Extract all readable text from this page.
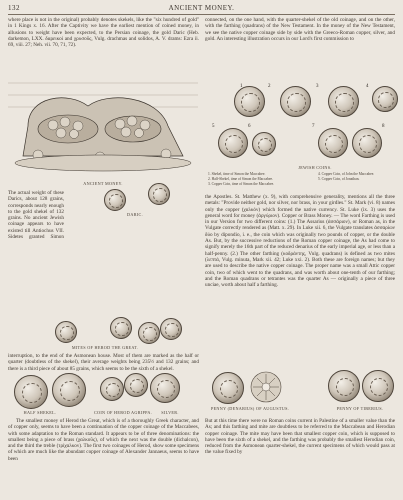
132	ANCIENT MONEY.

where place is not in the original) probably denotes skekels, like the "six hundred of gold" in 1 Kings x. 16. After the Captivity we have the earliest mention of coined money, in allusions to weight have been expected, to the Persian coinage, the gold Daric (Heb. darkemon, LXX. δαρεικοί and χρυσοῦς, Vulg. drachmas and solidos, A. V. drams: Ezra ii. 69, viii. 27; Neh. vii. 70, 71, 72).

ANCIENT MONEY.

The actual weight of these Darics, about 128 grains, corresponds nearly enough to the gold shekel of 132 grains. No ancient Jewish coinage appears to have existed till Antiochus VII. Sidetes granted Simon

DARIC.

MITES OF HEROD THE GREAT.

interruption, to the end of the Asmonean house. Most of them are marked as the half or quarter (doubtless of the shekel), their average weights being 235½ and 132 grains; and there is a third piece of about 85 grains, which seems to be the sixth of a shekel.

HALF SHEKEL.	COIN OF HEROD AGRIPPA.	SILVER.

The smallest money of Herod the Great, which is of a thoroughly Greek character, and of copper only, seems to have been a continuation of the copper coinage of the Maccabees, with some adaptation to the Roman standard. It appears to be of three denominations: the smallest being a piece of brass (χαλκοῦς), of which the next was the double (dichalcon), and the third the treble (τρίχαλκον). The first two coinages of Herod, show some specimens of which are much like the abundant copper coinage of Alexander Jannaeus, seems to have been

connected, on the one hand, with the quarter-shekel of the old coinage, and on the other, with the farthing (quadrans) of the New Testament. In the money of the New Testament, we see the native copper coinage side by side with the Greeco-Roman copper, silver, and gold. An interesting illustration occurs in our Lord's first commission to

1	2	3	4
5	6	7	8
JEWISH COINS.
1. Shekel, time of Simon the Maccabee.
2. Half-Shekel, time of Simon the Maccabee.
3. Copper Coin, time of Simon the Maccabee.
4. Copper Coin, of John the Maccabee.
5. Copper Coin, of Jonathan.

the Apostles. St. Matthew (x. 9), with comprehensive generality, mentions all the three metals: "Provide neither gold, nor silver, nor brass, in your girdles." St. Mark (vi. 8) names only the copper (χαλκόν) which formed the native currency. St. Luke (ix. 3) uses the general word for money (ἀργύριον). Copper or Brass Money. — The word Farthing is used in our Version for two different coins: (1.) The Assarius (ἀσσάριον), or Roman as, in the Vulgate correctly rendered as (Matt. x. 29). In Luke xii. 6, the Vulgate translates ἀσσαρίων δύο by dipondio, i. e., the coin which was originally two pounds of copper, or the double As. But, by the successive reductions of the Roman copper coinage, the As had come to signify merely the 16th part of the reduced denarius of the early imperial age, or less than a half-penny. (2.) The other farthing (κοδράντης, Vulg. quadrans) is defined as two mites (λεπτά, Vulg. minuta, Mark xii. 42; Luke xxi. 2). Both these are foreign names; but they are used to describe the native copper coinage. The proper name was a small Attic copper coin, two of which went to the quadrans, and was worth about one-tenth of our farthing; and the Roman quadrans or tetrantes was the quarter As — originally a piece of three unciae, worth about half a farthing.

PENNY (DENARIUS) OF AUGUSTUS.	PENNY OF TIBERIUS.

But at this time there were no Roman coins current in Palestine of a smaller value than the As; and this farthing and mite are doubtless to be referred to the Maccabean and Herodian copper coinage. The mite may have been that smallest copper coin, which is supposed to have been the sixth of a shekel, and the farthing was probably the smallest Herodian coin, reduced from the Asmonean quarter-shekel, the current specimens of which would pass at the value fixed by
